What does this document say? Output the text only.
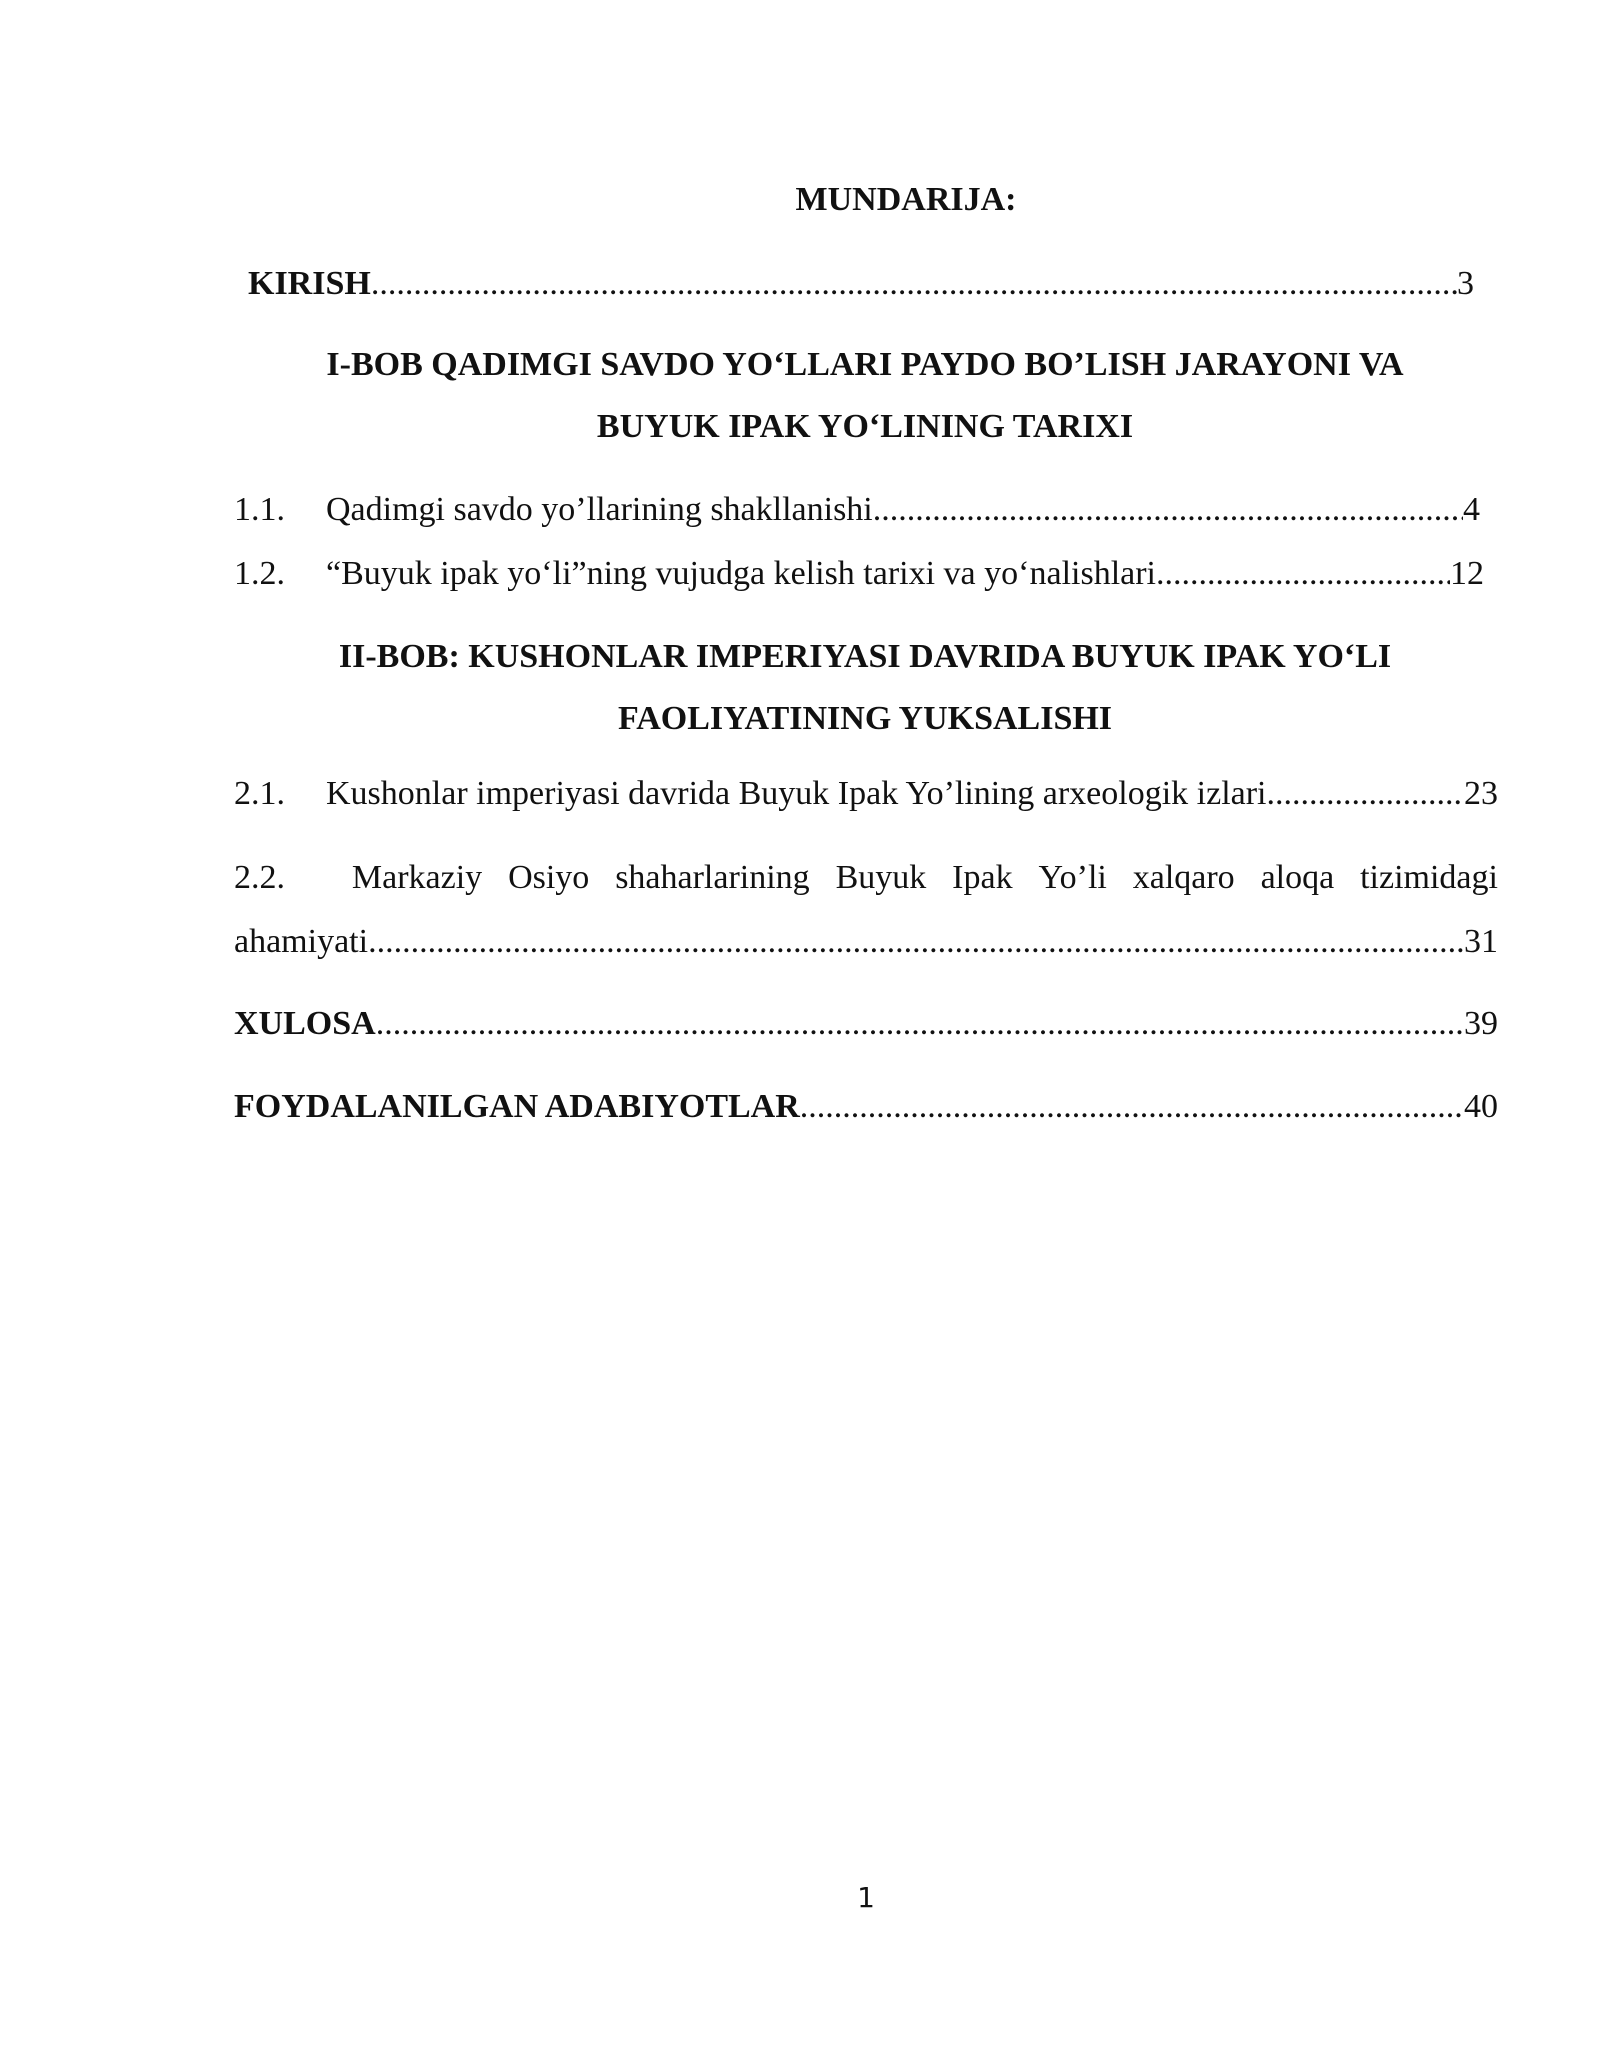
MUNDARIJA:
KIRISH .....	3
I-BOB QADIMGI SAVDO YO‘LLARI PAYDO BO’LISH JARAYONI VA
BUYUK IPAK YO‘LINING TARIXI
1.1.	Qadimgi savdo yo’llarining shakllanishi .....	4
1.2.	“Buyuk ipak yo‘li”ning vujudga kelish tarixi va yo‘nalishlari .....	12
II-BOB: KUSHONLAR IMPERIYASI DAVRIDA BUYUK IPAK YO‘LI
FAOLIYATINING YUKSALISHI
2.1.	Kushonlar imperiyasi davrida Buyuk Ipak Yo’lining arxeologik izlari .....	23
2.2.	Markaziy Osiyo shaharlarining Buyuk Ipak Yo’li xalqaro aloqa tizimidagi
ahamiyati .....	31
XULOSA .....	39
FOYDALANILGAN ADABIYOTLAR .....	40
1
